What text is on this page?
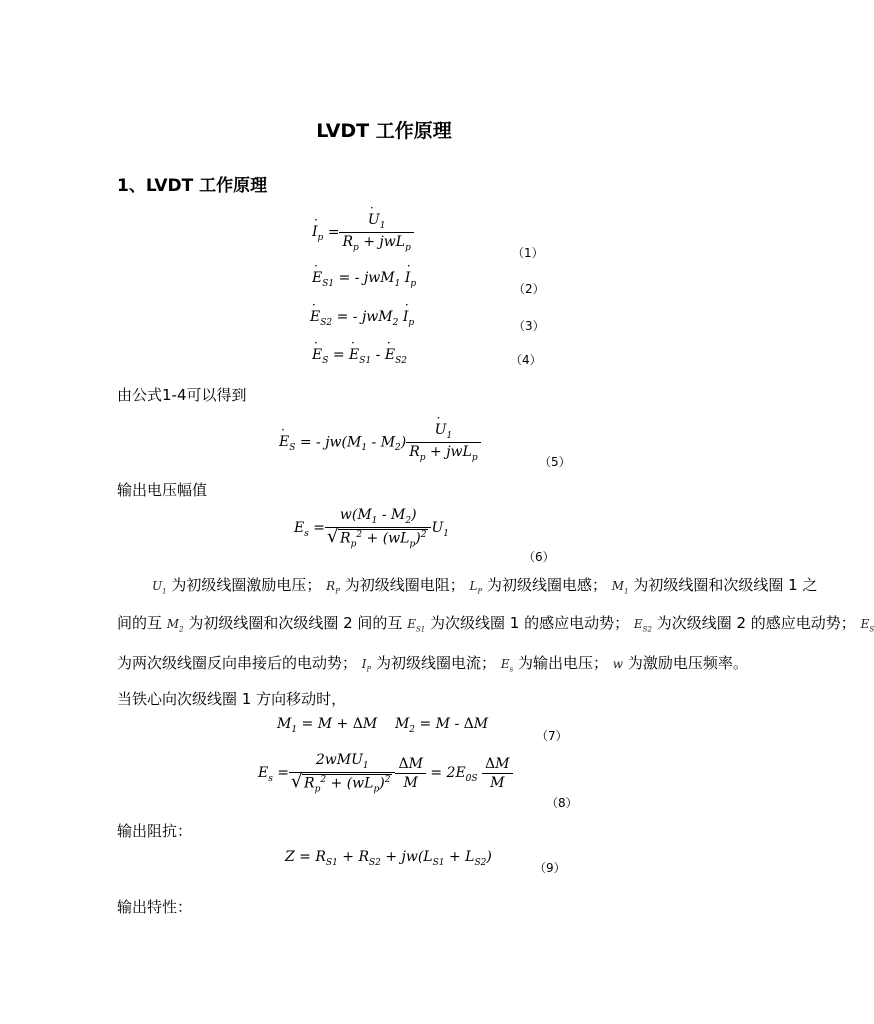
LVDT 工作原理
1、LVDT 工作原理
· $I_p$ =
· $\frac{U_1}{R_p + jwL_p}$
（1）
· $E_{S1}$ = - $jwM_1 \cdot I_p$	（2）
· $E_{S2}$ = - $jwM_2 \cdot I_p$	（3）
· $E_S$ = · $E_{S1}$ - · $E_{S2}$	（4）
由公式1-4可以得到
· $E_S$ = - $jw(M_1 - M_2)$
· $\frac{U_1}{R_p + jwL_p}$	（5）
输出电压幅值
$E_s = w(M_1 - M_2)$
√ $R_p^2 + (wL_p)^2$ $U_1$
（6）
$U_1$ 为初级线圈激励电压； $R_P$ 为初级线圈电阻； $L_P$ 为初级线圈电感； $M_1$ 为初级线圈和次级线圈 1 之
间的互 $M_2$ 为初级线圈和次级线圈 2 间的互 $E_{S1}$ 为次级线圈 1 的感应电动势； $E_{S2}$ 为次级线圈 2 的感应电动势； $E_S$
为两次级线圈反向串接后的电动势； $I_P$ 为初级线圈电流； $E_s$ 为输出电压； w 为激励电压频率。
当铁心向次级线圈 1 方向移动时，
$M_1 = M + \Delta M$    $M_2 = M - \Delta M$
（7）
$E_s = 2wMU_1$
√ $R_p^2 + (wL_p)^2 \frac{\Delta M}{M} = 2E_{0S} \frac{\Delta M}{M}$
（8）
输出阻抗：
$Z = R_{S1} + R_{S2} + jw(L_{S1} + L_{S2})$
（9）
输出特性：
